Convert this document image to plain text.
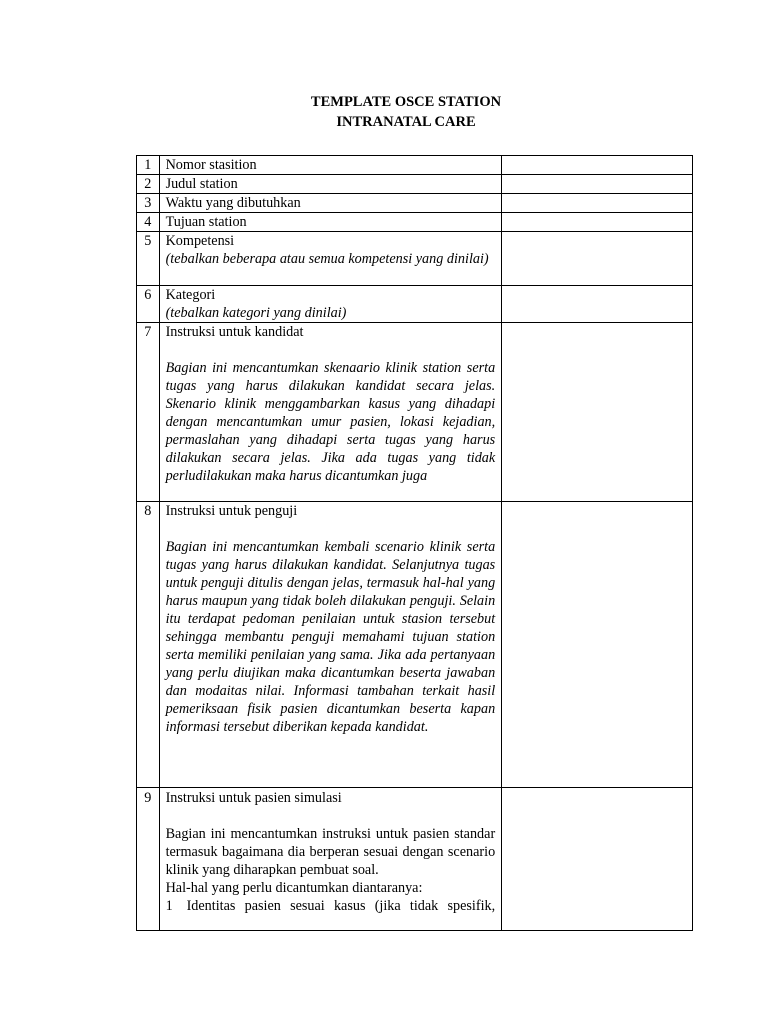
TEMPLATE OSCE STATION
INTRANATAL CARE
1	Nomor stasition	
2	Judul station	
3	Waktu yang dibutuhkan	
4	Tujuan station	
5	Kompetensi
(tebalkan beberapa atau semua kompetensi yang dinilai)	

6	Kategori
(tebalkan kategori yang dinilai)	

7	Instruksi untuk kandidat
Bagian ini mencantumkan skenaario klinik station serta tugas yang harus dilakukan kandidat secara jelas. Skenario klinik menggambarkan kasus yang dihadapi dengan mencantumkan umur pasien, lokasi kejadian, permaslahan yang dihadapi serta tugas yang harus dilakukan secara jelas. Jika ada tugas yang tidak perludilakukan maka harus dicantumkan juga	

8	Instruksi untuk penguji
Bagian ini mencantumkan kembali scenario klinik serta tugas yang harus dilakukan kandidat. Selanjutnya tugas untuk penguji ditulis dengan jelas, termasuk hal-hal yang harus maupun yang tidak boleh dilakukan penguji. Selain itu terdapat pedoman penilaian untuk stasion tersebut sehingga membantu penguji memahami tujuan station serta memiliki penilaian yang sama. Jika ada pertanyaan yang perlu diujikan maka dicantumkan beserta jawaban dan modaitas nilai. Informasi tambahan terkait hasil pemeriksaan fisik pasien dicantumkan beserta kapan informasi tersebut diberikan kepada kandidat.	

9	Instruksi untuk pasien simulasi
Bagian ini mencantumkan instruksi untuk pasien standar termasuk bagaimana dia berperan sesuai dengan scenario klinik yang diharapkan pembuat soal.
Hal-hal yang perlu dicantumkan diantaranya:
1 Identitas pasien sesuai kasus (jika tidak spesifik,	
